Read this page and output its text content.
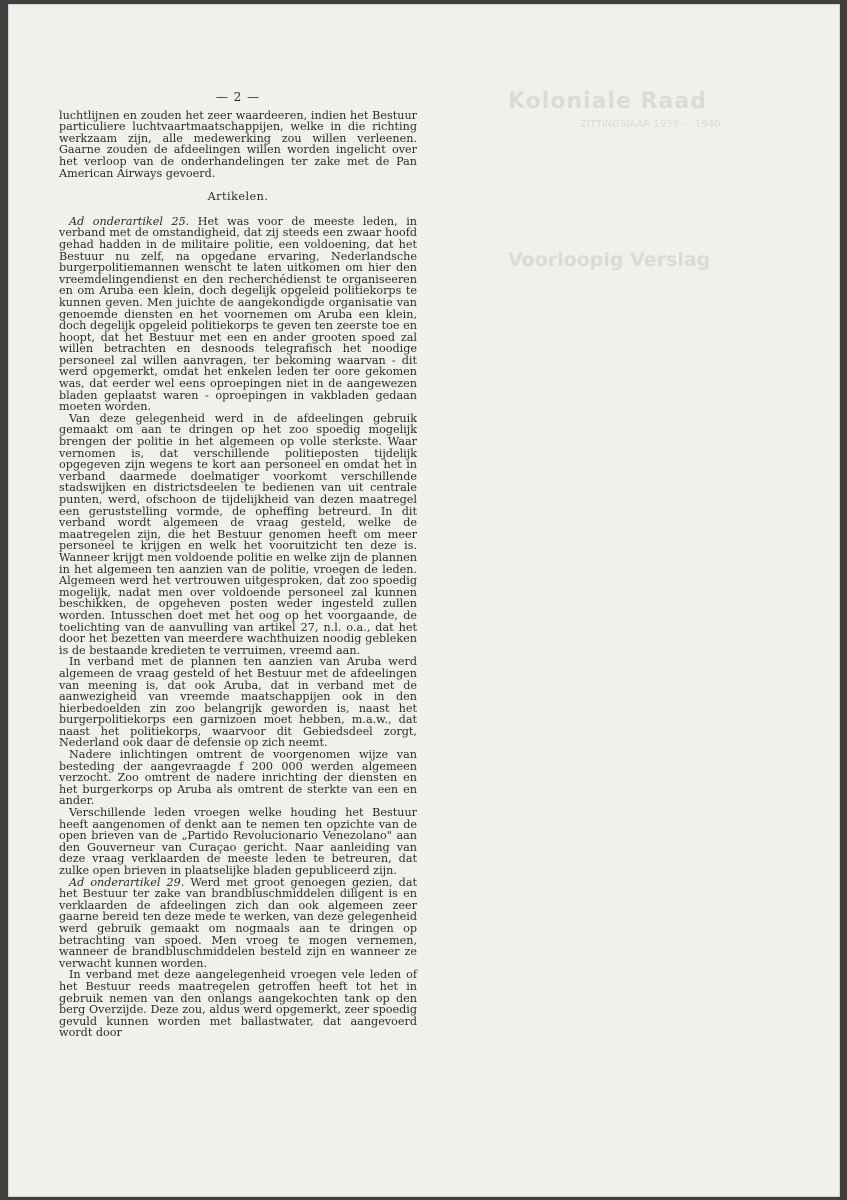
Koloniale Raad
ZITTINGSJAAR 1939 — 1940
Voorloopig Verslag
— 2 —

luchtlijnen en zouden het zeer waardeeren, indien het Bestuur particuliere luchtvaartmaatschappijen, welke in die richting werkzaam zijn, alle medewerking zou willen verleenen. Gaarne zouden de afdeelingen willen worden ingelicht over het verloop van de onderhandelingen ter zake met de Pan American Airways gevoerd.

Artikelen.

Ad onderartikel 25. Het was voor de meeste leden, in verband met de omstandigheid, dat zij steeds een zwaar hoofd gehad hadden in de militaire politie, een voldoening, dat het Bestuur nu zelf, na opgedane ervaring, Nederlandsche burgerpolitiemannen wenscht te laten uitkomen om hier den vreemdelingendienst en den recherchédienst te organiseeren en om Aruba een klein, doch degelijk opgeleid politiekorps te kunnen geven. Men juichte de aangekondigde organisatie van genoemde diensten en het voornemen om Aruba een klein, doch degelijk opgeleid politiekorps te geven ten zeerste toe en hoopt, dat het Bestuur met een en ander grooten spoed zal willen betrachten en desnoods telegrafisch het noodige personeel zal willen aanvragen, ter bekoming waarvan - dit werd opgemerkt, omdat het enkelen leden ter oore gekomen was, dat eerder wel eens oproepingen niet in de aangewezen bladen geplaatst waren - oproepingen in vakbladen gedaan moeten worden.

Van deze gelegenheid werd in de afdeelingen gebruik gemaakt om aan te dringen op het zoo spoedig mogelijk brengen der politie in het algemeen op volle sterkste. Waar vernomen is, dat verschillende politieposten tijdelijk opgegeven zijn wegens te kort aan personeel en omdat het in verband daarmede doelmatiger voorkomt verschillende stadswijken en districtsdeelen te bedienen van uit centrale punten, werd, ofschoon de tijdelijkheid van dezen maatregel een geruststelling vormde, de opheffing betreurd. In dit verband wordt algemeen de vraag gesteld, welke de maatregelen zijn, die het Bestuur genomen heeft om meer personeel te krijgen en welk het vooruitzicht ten deze is. Wanneer krijgt men voldoende politie en welke zijn de plannen in het algemeen ten aanzien van de politie, vroegen de leden. Algemeen werd het vertrouwen uitgesproken, dat zoo spoedig mogelijk, nadat men over voldoende personeel zal kunnen beschikken, de opgeheven posten weder ingesteld zullen worden. Intusschen doet met het oog op het voorgaande, de toelichting van de aanvulling van artikel 27, n.l. o.a., dat het door het bezetten van meerdere wachthuizen noodig gebleken is de bestaande kredieten te verruimen, vreemd aan.

In verband met de plannen ten aanzien van Aruba werd algemeen de vraag gesteld of het Bestuur met de afdeelingen van meening is, dat ook Aruba, dat in verband met de aanwezigheid van vreemde maatschappijen ook in den hierbedoelden zin zoo belangrijk geworden is, naast het burgerpolitiekorps een garnizoen moet hebben, m.a.w., dat naast het politiekorps, waarvoor dit Gebiedsdeel zorgt, Nederland ook daar de defensie op zich neemt.

Nadere inlichtingen omtrent de voorgenomen wijze van besteding der aangevraagde f 200 000 werden algemeen verzocht. Zoo omtrent de nadere inrichting der diensten en het burgerkorps op Aruba als omtrent de sterkte van een en ander.

Verschillende leden vroegen welke houding het Bestuur heeft aangenomen of denkt aan te nemen ten opzichte van de open brieven van de „Partido Revolucionario Venezolano" aan den Gouverneur van Curaçao gericht. Naar aanleiding van deze vraag verklaarden de meeste leden te betreuren, dat zulke open brieven in plaatselijke bladen gepubliceerd zijn.

Ad onderartikel 29. Werd met groot genoegen gezien, dat het Bestuur ter zake van brandbluschmiddelen diligent is en verklaarden de afdeelingen zich dan ook algemeen zeer gaarne bereid ten deze mede te werken, van deze gelegenheid werd gebruik gemaakt om nogmaals aan te dringen op betrachting van spoed. Men vroeg te mogen vernemen, wanneer de brandbluschmiddelen besteld zijn en wanneer ze verwacht kunnen worden.

In verband met deze aangelegenheid vroegen vele leden of het Bestuur reeds maatregelen getroffen heeft tot het in gebruik nemen van den onlangs aangekochten tank op den berg Overzijde. Deze zou, aldus werd opgemerkt, zeer spoedig gevuld kunnen worden met ballastwater, dat aangevoerd wordt door
